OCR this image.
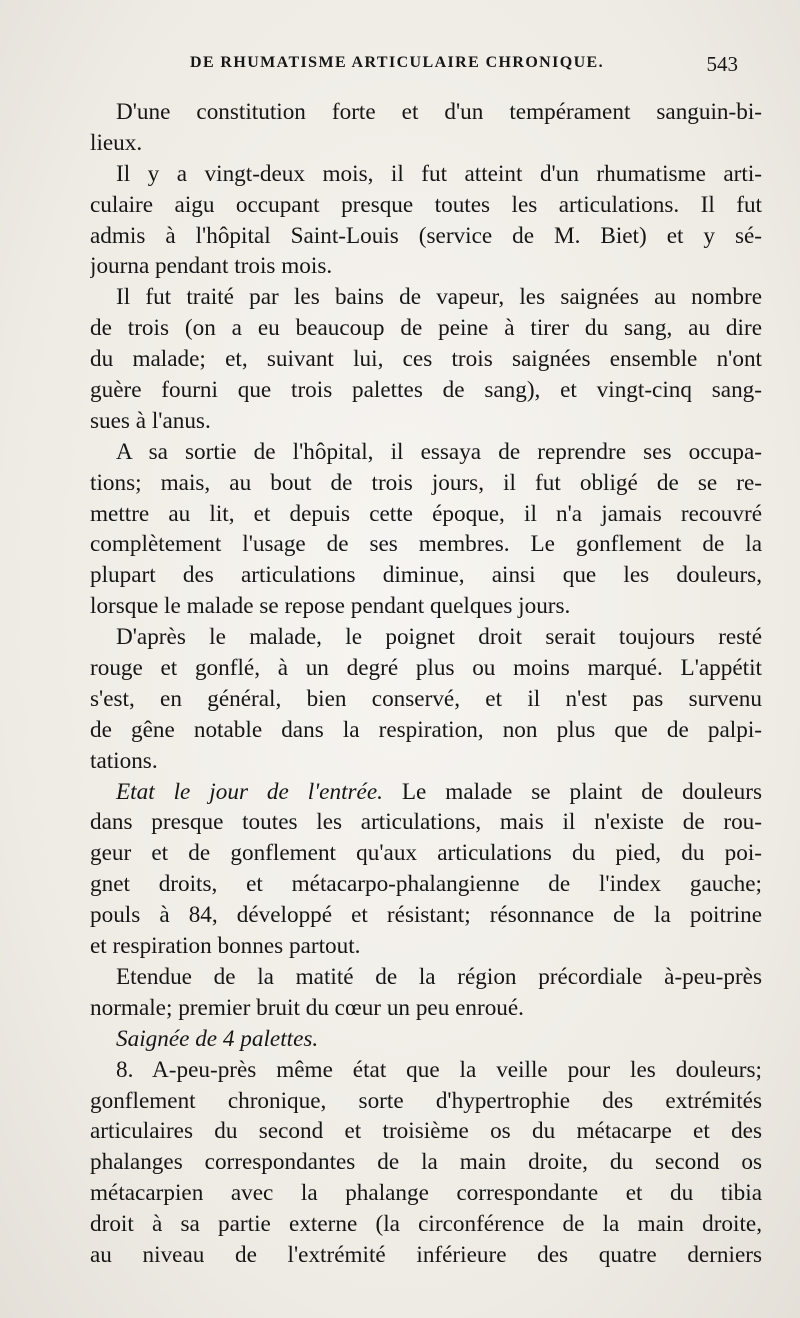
DE RHUMATISME ARTICULAIRE CHRONIQUE.	543
D'une constitution forte et d'un tempérament sanguin-bi-
lieux.
Il y a vingt-deux mois, il fut atteint d'un rhumatisme arti-
culaire aigu occupant presque toutes les articulations. Il fut
admis à l'hôpital Saint-Louis (service de M. Biet) et y sé-
journa pendant trois mois.
Il fut traité par les bains de vapeur, les saignées au nombre
de trois (on a eu beaucoup de peine à tirer du sang, au dire
du malade; et, suivant lui, ces trois saignées ensemble n'ont
guère fourni que trois palettes de sang), et vingt-cinq sang-
sues à l'anus.
A sa sortie de l'hôpital, il essaya de reprendre ses occupa-
tions; mais, au bout de trois jours, il fut obligé de se re-
mettre au lit, et depuis cette époque, il n'a jamais recouvré
complètement l'usage de ses membres. Le gonflement de la
plupart des articulations diminue, ainsi que les douleurs,
lorsque le malade se repose pendant quelques jours.
D'après le malade, le poignet droit serait toujours resté
rouge et gonflé, à un degré plus ou moins marqué. L'appétit
s'est, en général, bien conservé, et il n'est pas survenu
de gêne notable dans la respiration, non plus que de palpi-
tations.
Etat le jour de l'entrée. Le malade se plaint de douleurs
dans presque toutes les articulations, mais il n'existe de rou-
geur et de gonflement qu'aux articulations du pied, du poi-
gnet droits, et métacarpo-phalangienne de l'index gauche;
pouls à 84, développé et résistant; résonnance de la poitrine
et respiration bonnes partout.
Etendue de la matité de la région précordiale à-peu-près
normale; premier bruit du cœur un peu enroué.
Saignée de 4 palettes.
8. A-peu-près même état que la veille pour les douleurs;
gonflement chronique, sorte d'hypertrophie des extrémités
articulaires du second et troisième os du métacarpe et des
phalanges correspondantes de la main droite, du second os
métacarpien avec la phalange correspondante et du tibia
droit à sa partie externe (la circonférence de la main droite,
au niveau de l'extrémité inférieure des quatre derniers
